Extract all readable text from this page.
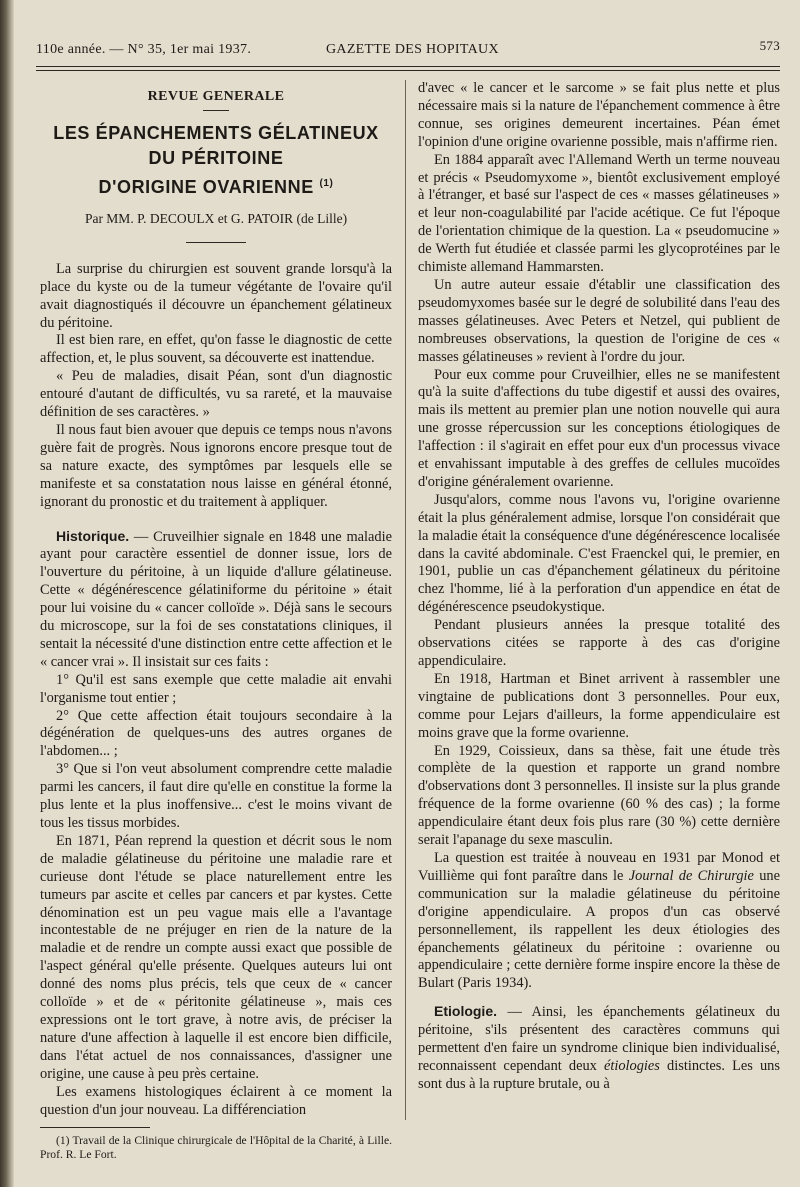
110e année. — N° 35, 1er mai 1937.	GAZETTE DES HOPITAUX	573
REVUE GENERALE
LES ÉPANCHEMENTS GÉLATINEUX DU PÉRITOINE
D'ORIGINE OVARIENNE $^{(1)}$
Par MM. P. DECOULX et G. PATOIR (de Lille)

La surprise du chirurgien est souvent grande lorsqu'à la place du kyste ou de la tumeur végétante de l'ovaire qu'il avait diagnostiqués il découvre un épanchement gélatineux du péritoine.

Il est bien rare, en effet, qu'on fasse le diagnostic de cette affection, et, le plus souvent, sa découverte est inattendue.

« Peu de maladies, disait Péan, sont d'un diagnostic entouré d'autant de difficultés, vu sa rareté, et la mauvaise définition de ses caractères. »

Il nous faut bien avouer que depuis ce temps nous n'avons guère fait de progrès. Nous ignorons encore presque tout de sa nature exacte, des symptômes par lesquels elle se manifeste et sa constatation nous laisse en général étonné, ignorant du pronostic et du traitement à appliquer.

Historique. — Cruveilhier signale en 1848 une maladie ayant pour caractère essentiel de donner issue, lors de l'ouverture du péritoine, à un liquide d'allure gélatineuse. Cette « dégénérescence gélatiniforme du péritoine » était pour lui voisine du « cancer colloïde ». Déjà sans le secours du microscope, sur la foi de ses constatations cliniques, il sentait la nécessité d'une distinction entre cette affection et le « cancer vrai ». Il insistait sur ces faits :

1° Qu'il est sans exemple que cette maladie ait envahi l'organisme tout entier ;

2° Que cette affection était toujours secondaire à la dégénération de quelques-uns des autres organes de l'abdomen... ;

3° Que si l'on veut absolument comprendre cette maladie parmi les cancers, il faut dire qu'elle en constitue la forme la plus lente et la plus inoffensive... c'est le moins vivant de tous les tissus morbides.

En 1871, Péan reprend la question et décrit sous le nom de maladie gélatineuse du péritoine une maladie rare et curieuse dont l'étude se place naturellement entre les tumeurs par ascite et celles par cancers et par kystes. Cette dénomination est un peu vague mais elle a l'avantage incontestable de ne préjuger en rien de la nature de la maladie et de rendre un compte aussi exact que possible de l'aspect général qu'elle présente. Quelques auteurs lui ont donné des noms plus précis, tels que ceux de « cancer colloïde » et de « péritonite gélatineuse », mais ces expressions ont le tort grave, à notre avis, de préciser la nature d'une affection à laquelle il est encore bien difficile, dans l'état actuel de nos connaissances, d'assigner une origine, une cause à peu près certaine.

Les examens histologiques éclairent à ce moment la question d'un jour nouveau. La différenciation

(1) Travail de la Clinique chirurgicale de l'Hôpital de la Charité, à Lille. Prof. R. Le Fort.

d'avec « le cancer et le sarcome » se fait plus nette et plus nécessaire mais si la nature de l'épanchement commence à être connue, ses origines demeurent incertaines. Péan émet l'opinion d'une origine ovarienne possible, mais n'affirme rien.

En 1884 apparaît avec l'Allemand Werth un terme nouveau et précis « Pseudomyxome », bientôt exclusivement employé à l'étranger, et basé sur l'aspect de ces « masses gélatineuses » et leur non-coagulabilité par l'acide acétique. Ce fut l'époque de l'orientation chimique de la question. La « pseudomucine » de Werth fut étudiée et classée parmi les glycoprotéines par le chimiste allemand Hammarsten.

Un autre auteur essaie d'établir une classification des pseudomyxomes basée sur le degré de solubilité dans l'eau des masses gélatineuses. Avec Peters et Netzel, qui publient de nombreuses observations, la question de l'origine de ces « masses gélatineuses » revient à l'ordre du jour.

Pour eux comme pour Cruveilhier, elles ne se manifestent qu'à la suite d'affections du tube digestif et aussi des ovaires, mais ils mettent au premier plan une notion nouvelle qui aura une grosse répercussion sur les conceptions étiologiques de l'affection : il s'agirait en effet pour eux d'un processus vivace et envahissant imputable à des greffes de cellules mucoïdes d'origine généralement ovarienne.

Jusqu'alors, comme nous l'avons vu, l'origine ovarienne était la plus généralement admise, lorsque l'on considérait que la maladie était la conséquence d'une dégénérescence localisée dans la cavité abdominale. C'est Fraenckel qui, le premier, en 1901, publie un cas d'épanchement gélatineux du péritoine chez l'homme, lié à la perforation d'un appendice en état de dégénérescence pseudokystique.

Pendant plusieurs années la presque totalité des observations citées se rapporte à des cas d'origine appendiculaire.

En 1918, Hartman et Binet arrivent à rassembler une vingtaine de publications dont 3 personnelles. Pour eux, comme pour Lejars d'ailleurs, la forme appendiculaire est moins grave que la forme ovarienne.

En 1929, Coissieux, dans sa thèse, fait une étude très complète de la question et rapporte un grand nombre d'observations dont 3 personnelles. Il insiste sur la plus grande fréquence de la forme ovarienne (60 % des cas) ; la forme appendiculaire étant deux fois plus rare (30 %) cette dernière serait l'apanage du sexe masculin.

La question est traitée à nouveau en 1931 par Monod et Vuillième qui font paraître dans le Journal de Chirurgie une communication sur la maladie gélatineuse du péritoine d'origine appendiculaire. A propos d'un cas observé personnellement, ils rappellent les deux étiologies des épanchements gélatineux du péritoine : ovarienne ou appendiculaire ; cette dernière forme inspire encore la thèse de Bulart (Paris 1934).

Etiologie. — Ainsi, les épanchements gélatineux du péritoine, s'ils présentent des caractères communs qui permettent d'en faire un syndrome clinique bien individualisé, reconnaissent cependant deux étiologies distinctes. Les uns sont dus à la rupture brutale, ou à
